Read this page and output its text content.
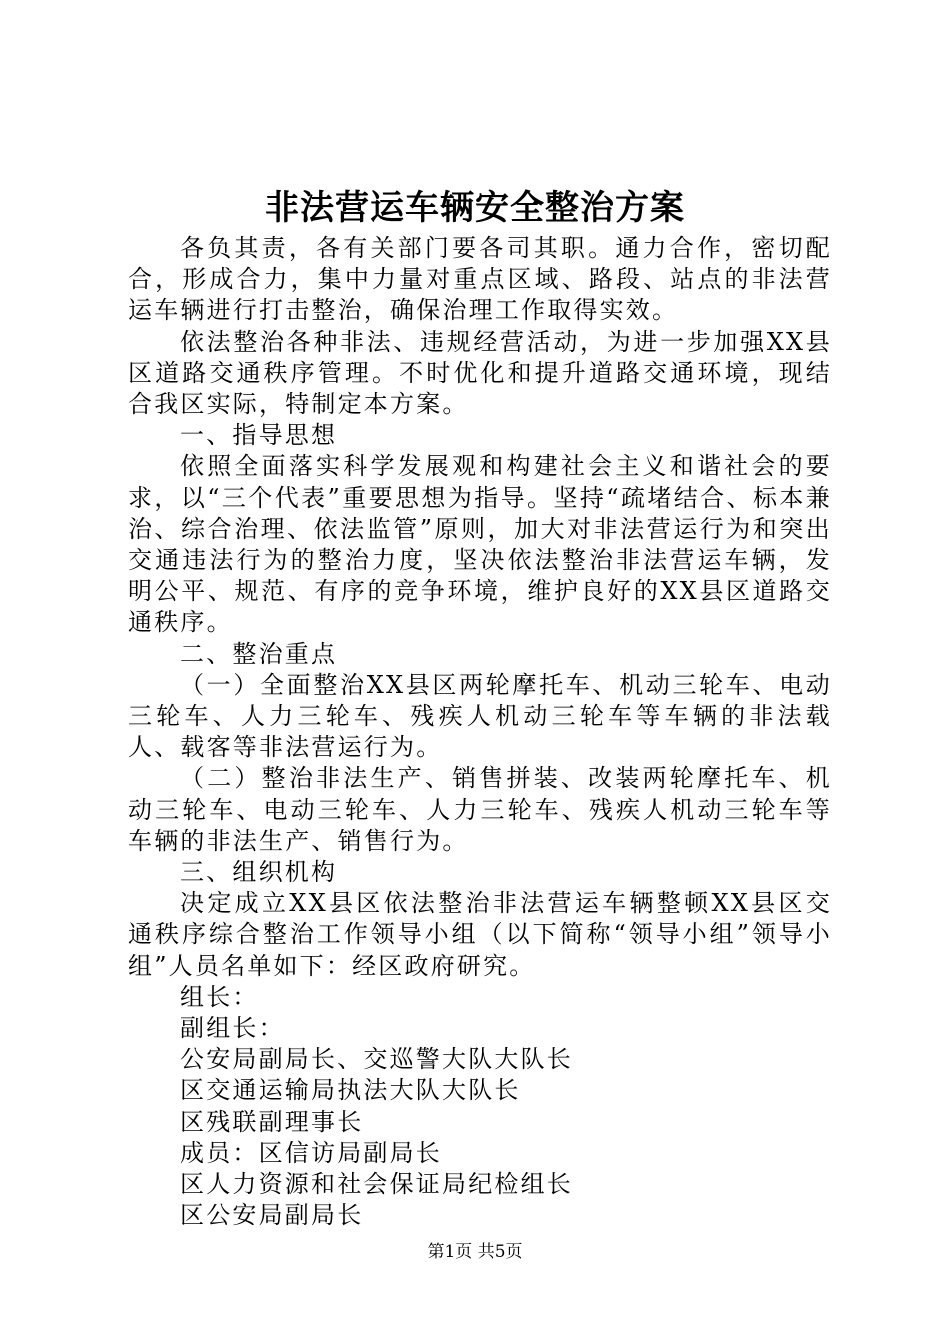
非法营运车辆安全整治方案

各负其责，各有关部门要各司其职。通力合作，密切配合，形成合力，集中力量对重点区域、路段、站点的非法营运车辆进行打击整治，确保治理工作取得实效。

依法整治各种非法、违规经营活动，为进一步加强XX县区道路交通秩序管理。不时优化和提升道路交通环境，现结合我区实际，特制定本方案。

一、指导思想

依照全面落实科学发展观和构建社会主义和谐社会的要求，以“三个代表”重要思想为指导。坚持“疏堵结合、标本兼治、综合治理、依法监管”原则，加大对非法营运行为和突出交通违法行为的整治力度，坚决依法整治非法营运车辆，发明公平、规范、有序的竞争环境，维护良好的XX县区道路交通秩序。

二、整治重点

（一）全面整治XX县区两轮摩托车、机动三轮车、电动三轮车、人力三轮车、残疾人机动三轮车等车辆的非法载人、载客等非法营运行为。

（二）整治非法生产、销售拼装、改装两轮摩托车、机动三轮车、电动三轮车、人力三轮车、残疾人机动三轮车等车辆的非法生产、销售行为。

三、组织机构

决定成立XX县区依法整治非法营运车辆整顿XX县区交通秩序综合整治工作领导小组（以下简称“领导小组”领导小组”人员名单如下：经区政府研究。

组长：

副组长：

公安局副局长、交巡警大队大队长

区交通运输局执法大队大队长

区残联副理事长

成员：区信访局副局长

区人力资源和社会保证局纪检组长

区公安局副局长

第1页 共5页
